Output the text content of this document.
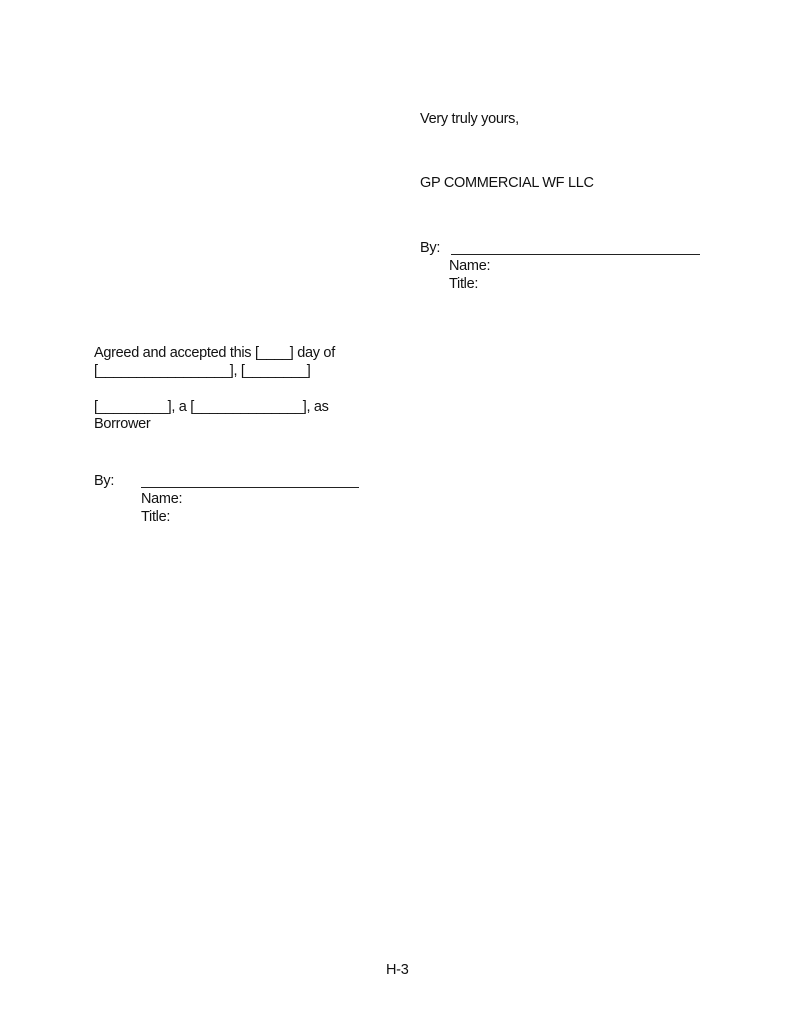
Very truly yours,
GP COMMERCIAL WF LLC
By:
Name:
Title:
Agreed and accepted this [____] day of
[_________________], [________]
[_________], a [______________], as
Borrower
By:
Name:
Title:
H-3
